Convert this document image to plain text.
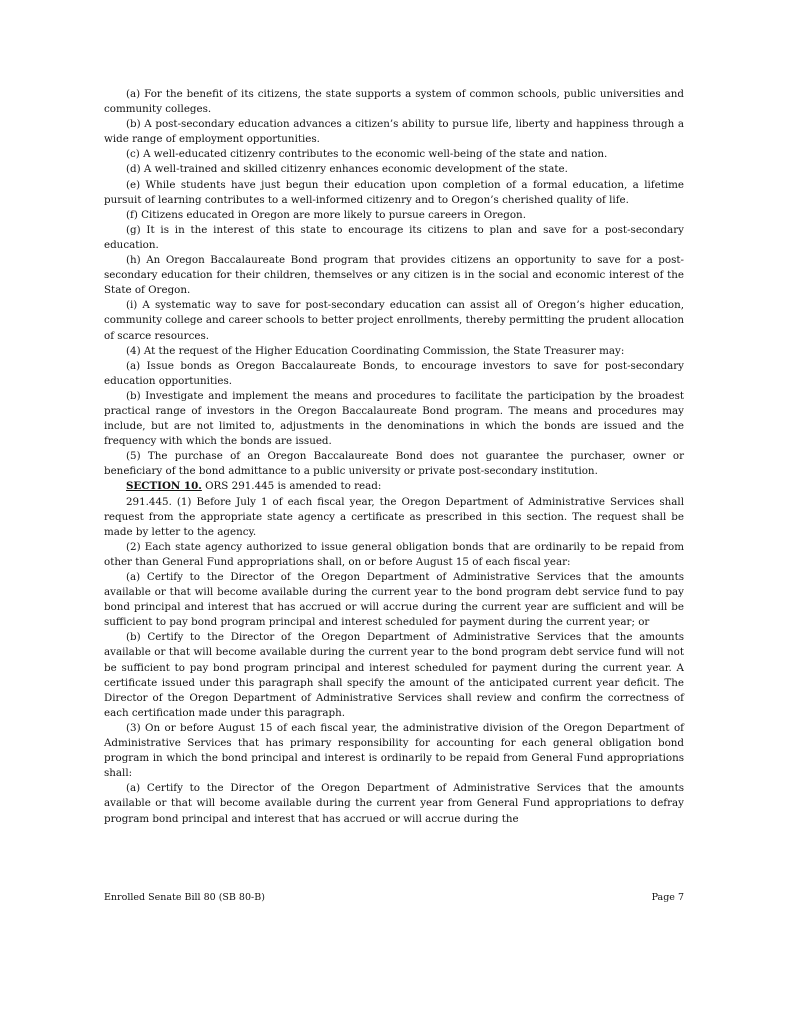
(a) For the benefit of its citizens, the state supports a system of common schools, public universities and community colleges.

(b) A post-secondary education advances a citizen’s ability to pursue life, liberty and happiness through a wide range of employment opportunities.

(c) A well-educated citizenry contributes to the economic well-being of the state and nation.

(d) A well-trained and skilled citizenry enhances economic development of the state.

(e) While students have just begun their education upon completion of a formal education, a lifetime pursuit of learning contributes to a well-informed citizenry and to Oregon’s cherished quality of life.

(f) Citizens educated in Oregon are more likely to pursue careers in Oregon.

(g) It is in the interest of this state to encourage its citizens to plan and save for a post-secondary education.

(h) An Oregon Baccalaureate Bond program that provides citizens an opportunity to save for a post-secondary education for their children, themselves or any citizen is in the social and economic interest of the State of Oregon.

(i) A systematic way to save for post-secondary education can assist all of Oregon’s higher education, community college and career schools to better project enrollments, thereby permitting the prudent allocation of scarce resources.

(4) At the request of the Higher Education Coordinating Commission, the State Treasurer may:

(a) Issue bonds as Oregon Baccalaureate Bonds, to encourage investors to save for post-secondary education opportunities.

(b) Investigate and implement the means and procedures to facilitate the participation by the broadest practical range of investors in the Oregon Baccalaureate Bond program. The means and procedures may include, but are not limited to, adjustments in the denominations in which the bonds are issued and the frequency with which the bonds are issued.

(5) The purchase of an Oregon Baccalaureate Bond does not guarantee the purchaser, owner or beneficiary of the bond admittance to a public university or private post-secondary institution.

SECTION 10. ORS 291.445 is amended to read:

291.445. (1) Before July 1 of each fiscal year, the Oregon Department of Administrative Services shall request from the appropriate state agency a certificate as prescribed in this section. The request shall be made by letter to the agency.

(2) Each state agency authorized to issue general obligation bonds that are ordinarily to be repaid from other than General Fund appropriations shall, on or before August 15 of each fiscal year:

(a) Certify to the Director of the Oregon Department of Administrative Services that the amounts available or that will become available during the current year to the bond program debt service fund to pay bond principal and interest that has accrued or will accrue during the current year are sufficient and will be sufficient to pay bond program principal and interest scheduled for payment during the current year; or

(b) Certify to the Director of the Oregon Department of Administrative Services that the amounts available or that will become available during the current year to the bond program debt service fund will not be sufficient to pay bond program principal and interest scheduled for payment during the current year. A certificate issued under this paragraph shall specify the amount of the anticipated current year deficit. The Director of the Oregon Department of Administrative Services shall review and confirm the correctness of each certification made under this paragraph.

(3) On or before August 15 of each fiscal year, the administrative division of the Oregon Department of Administrative Services that has primary responsibility for accounting for each general obligation bond program in which the bond principal and interest is ordinarily to be repaid from General Fund appropriations shall:

(a) Certify to the Director of the Oregon Department of Administrative Services that the amounts available or that will become available during the current year from General Fund appropriations to defray program bond principal and interest that has accrued or will accrue during the

Enrolled Senate Bill 80 (SB 80-B)	Page 7
